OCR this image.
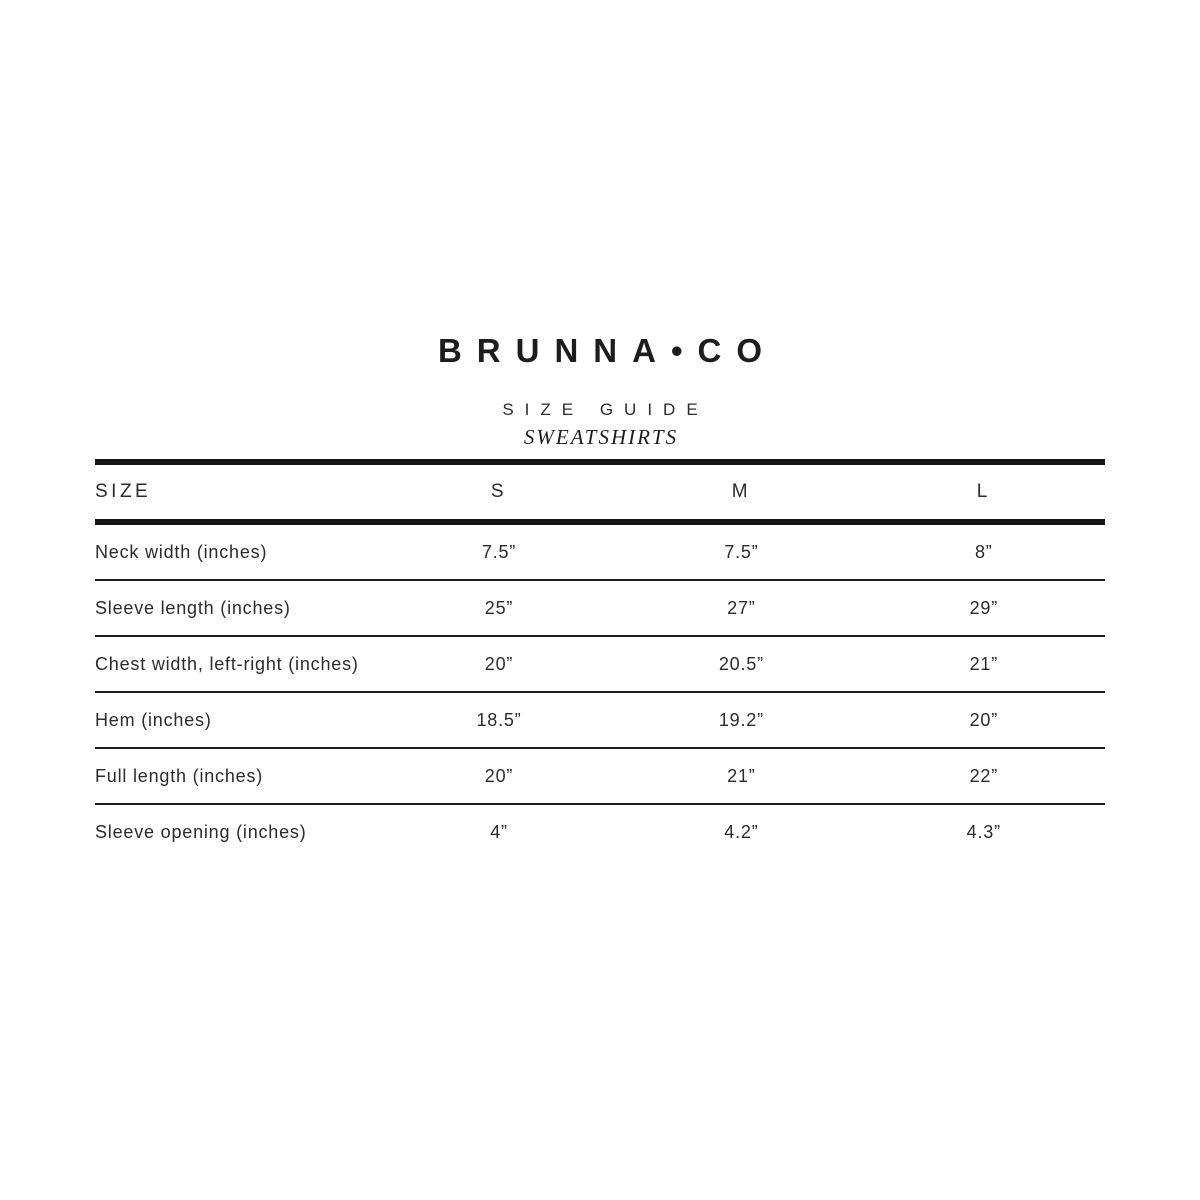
BRUNNA•CO
SIZE GUIDE
SWEATSHIRTS
SIZE	S	M	L
Neck width (inches)	7.5”	7.5”	8”
Sleeve length (inches)	25”	27”	29”
Chest width, left-right (inches)	20”	20.5”	21”
Hem (inches)	18.5”	19.2”	20”
Full length (inches)	20”	21”	22”
Sleeve opening (inches)	4”	4.2”	4.3”
